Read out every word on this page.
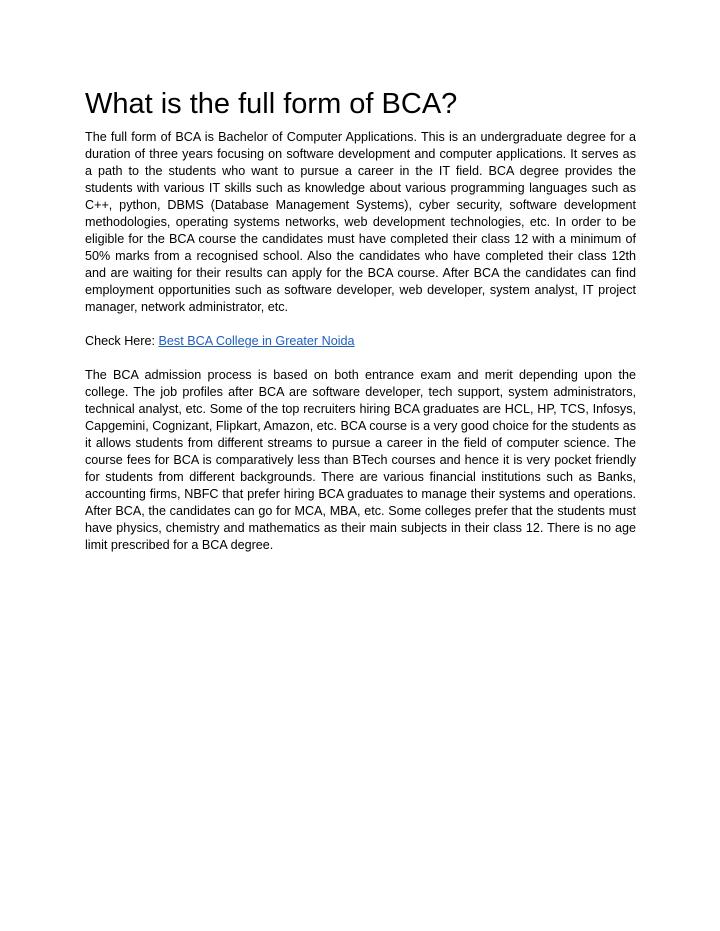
What is the full form of BCA?

The full form of BCA is Bachelor of Computer Applications. This is an undergraduate degree for a duration of three years focusing on software development and computer applications. It serves as a path to the students who want to pursue a career in the IT field. BCA degree provides the students with various IT skills such as knowledge about various programming languages such as C++, python, DBMS (Database Management Systems), cyber security, software development methodologies, operating systems networks, web development technologies, etc. In order to be eligible for the BCA course the candidates must have completed their class 12 with a minimum of 50% marks from a recognised school. Also the candidates who have completed their class 12th and are waiting for their results can apply for the BCA course. After BCA the candidates can find employment opportunities such as software developer, web developer, system analyst, IT project manager, network administrator, etc.

Check Here: Best BCA College in Greater Noida

The BCA admission process is based on both entrance exam and merit depending upon the college. The job profiles after BCA are software developer, tech support, system administrators, technical analyst, etc. Some of the top recruiters hiring BCA graduates are HCL, HP, TCS, Infosys, Capgemini, Cognizant, Flipkart, Amazon, etc. BCA course is a very good choice for the students as it allows students from different streams to pursue a career in the field of computer science. The course fees for BCA is comparatively less than BTech courses and hence it is very pocket friendly for students from different backgrounds. There are various financial institutions such as Banks, accounting firms, NBFC that prefer hiring BCA graduates to manage their systems and operations. After BCA, the candidates can go for MCA, MBA, etc. Some colleges prefer that the students must have physics, chemistry and mathematics as their main subjects in their class 12. There is no age limit prescribed for a BCA degree.
